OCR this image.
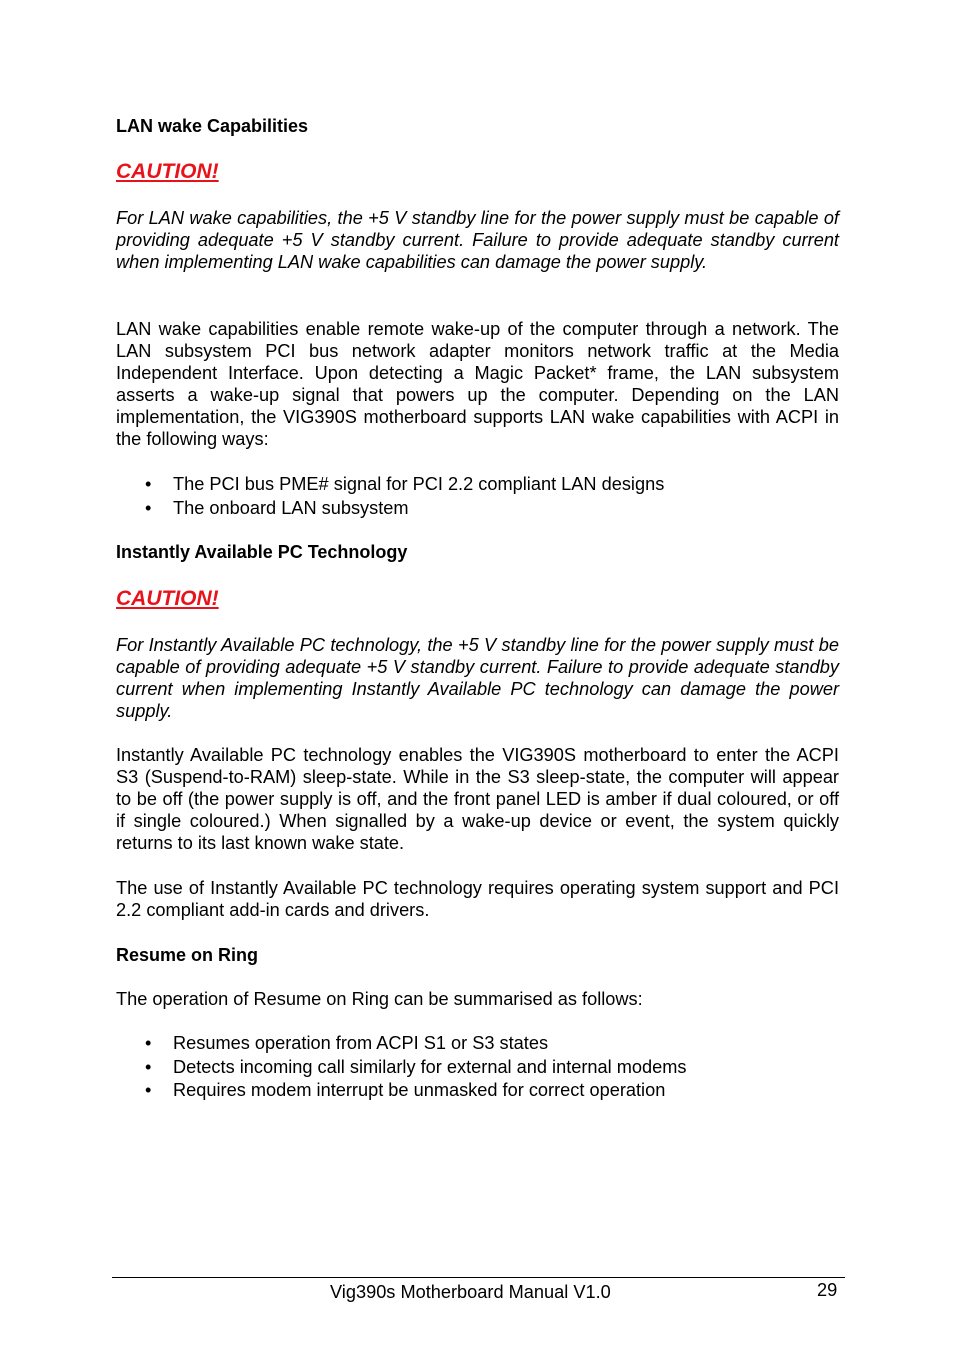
LAN wake Capabilities

CAUTION!

For LAN wake capabilities, the +5 V standby line for the power supply must be capable of providing adequate +5 V standby current. Failure to provide adequate standby current when implementing LAN wake capabilities can damage the power supply.

LAN wake capabilities enable remote wake-up of the computer through a network. The LAN subsystem PCI bus network adapter monitors network traffic at the Media Independent Interface. Upon detecting a Magic Packet* frame, the LAN subsystem asserts a wake-up signal that powers up the computer. Depending on the LAN implementation, the VIG390S motherboard supports LAN wake capabilities with ACPI in the following ways:

• The PCI bus PME# signal for PCI 2.2 compliant LAN designs
• The onboard LAN subsystem

Instantly Available PC Technology

CAUTION!

For Instantly Available PC technology, the +5 V standby line for the power supply must be capable of providing adequate +5 V standby current. Failure to provide adequate standby current when implementing Instantly Available PC technology can damage the power supply.

Instantly Available PC technology enables the VIG390S motherboard to enter the ACPI S3 (Suspend-to-RAM) sleep-state. While in the S3 sleep-state, the computer will appear to be off (the power supply is off, and the front panel LED is amber if dual coloured, or off if single coloured.) When signalled by a wake-up device or event, the system quickly returns to its last known wake state.

The use of Instantly Available PC technology requires operating system support and PCI 2.2 compliant add-in cards and drivers.

Resume on Ring

The operation of Resume on Ring can be summarised as follows:

• Resumes operation from ACPI S1 or S3 states
• Detects incoming call similarly for external and internal modems
• Requires modem interrupt be unmasked for correct operation
Vig390s Motherboard Manual V1.0	29
